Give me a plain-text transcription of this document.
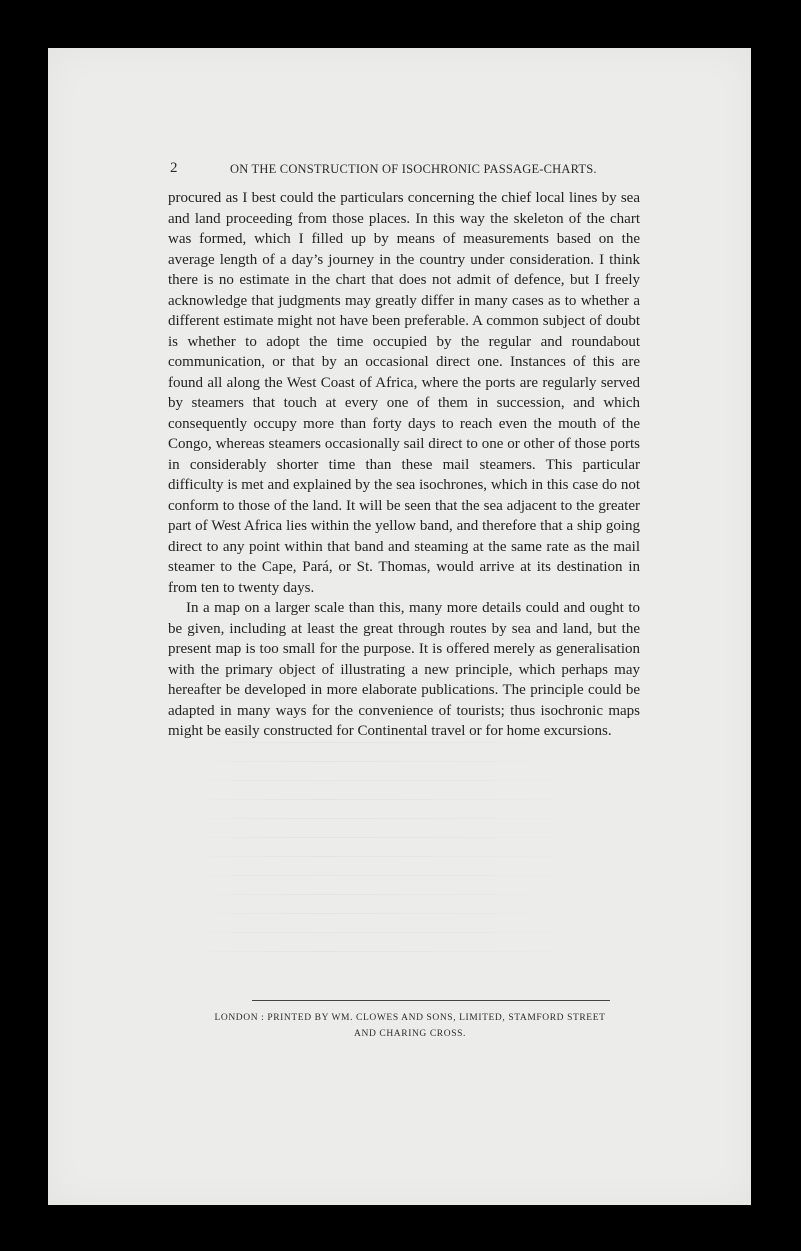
2	ON THE CONSTRUCTION OF ISOCHRONIC PASSAGE-CHARTS.

procured as I best could the particulars concerning the chief local lines by sea and land proceeding from those places. In this way the skeleton of the chart was formed, which I filled up by means of measurements based on the average length of a day’s journey in the country under consideration. I think there is no estimate in the chart that does not admit of defence, but I freely acknowledge that judgments may greatly differ in many cases as to whether a different estimate might not have been preferable. A common subject of doubt is whether to adopt the time occupied by the regular and roundabout communication, or that by an occasional direct one. Instances of this are found all along the West Coast of Africa, where the ports are regularly served by steamers that touch at every one of them in succession, and which consequently occupy more than forty days to reach even the mouth of the Congo, whereas steamers occasionally sail direct to one or other of those ports in considerably shorter time than these mail steamers. This particular difficulty is met and explained by the sea isochrones, which in this case do not conform to those of the land. It will be seen that the sea adjacent to the greater part of West Africa lies within the yellow band, and therefore that a ship going direct to any point within that band and steaming at the same rate as the mail steamer to the Cape, Pará, or St. Thomas, would arrive at its destination in from ten to twenty days.

In a map on a larger scale than this, many more details could and ought to be given, including at least the great through routes by sea and land, but the present map is too small for the purpose. It is offered merely as generalisation with the primary object of illustrating a new principle, which perhaps may hereafter be developed in more elaborate publications. The principle could be adapted in many ways for the convenience of tourists; thus isochronic maps might be easily constructed for Continental travel or for home excursions.

LONDON : PRINTED BY WM. CLOWES AND SONS, LIMITED, STAMFORD STREET
AND CHARING CROSS.
